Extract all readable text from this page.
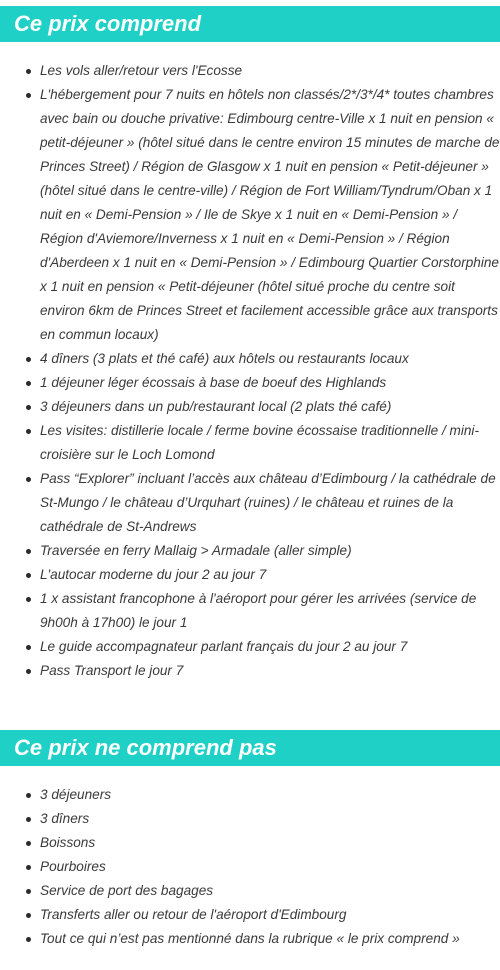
Ce prix comprend
Les vols aller/retour vers l'Ecosse
L'hébergement pour 7 nuits en hôtels non classés/2*/3*/4* toutes chambres avec bain ou douche privative: Edimbourg centre-Ville x 1 nuit en pension « petit-déjeuner » (hôtel situé dans le centre environ 15 minutes de marche de Princes Street) / Région de Glasgow x 1 nuit en pension « Petit-déjeuner » (hôtel situé dans le centre-ville) / Région de Fort William/Tyndrum/Oban x 1 nuit en « Demi-Pension » / Ile de Skye x 1 nuit en « Demi-Pension » / Région d'Aviemore/Inverness x 1 nuit en « Demi-Pension » / Région d'Aberdeen x 1 nuit en « Demi-Pension » / Edimbourg Quartier Corstorphine x 1 nuit en pension « Petit-déjeuner (hôtel situé proche du centre soit environ 6km de Princes Street et facilement accessible grâce aux transports en commun locaux)
4 dîners (3 plats et thé café) aux hôtels ou restaurants locaux
1 déjeuner léger écossais à base de boeuf des Highlands
3 déjeuners dans un pub/restaurant local (2 plats thé café)
Les visites: distillerie locale / ferme bovine écossaise traditionnelle / mini-croisière sur le Loch Lomond
Pass “Explorer” incluant l’accès aux château d’Edimbourg / la cathédrale de St-Mungo / le château d’Urquhart (ruines) / le château et ruines de la cathédrale de St-Andrews
Traversée en ferry Mallaig > Armadale (aller simple)
L'autocar moderne du jour 2 au jour 7
1 x assistant francophone à l'aéroport pour gérer les arrivées (service de 9h00h à 17h00) le jour 1
Le guide accompagnateur parlant français du jour 2 au jour 7
Pass Transport le jour 7
Ce prix ne comprend pas
3 déjeuners
3 dîners
Boissons
Pourboires
Service de port des bagages
Transferts aller ou retour de l'aéroport d'Edimbourg
Tout ce qui n’est pas mentionné dans la rubrique « le prix comprend »
